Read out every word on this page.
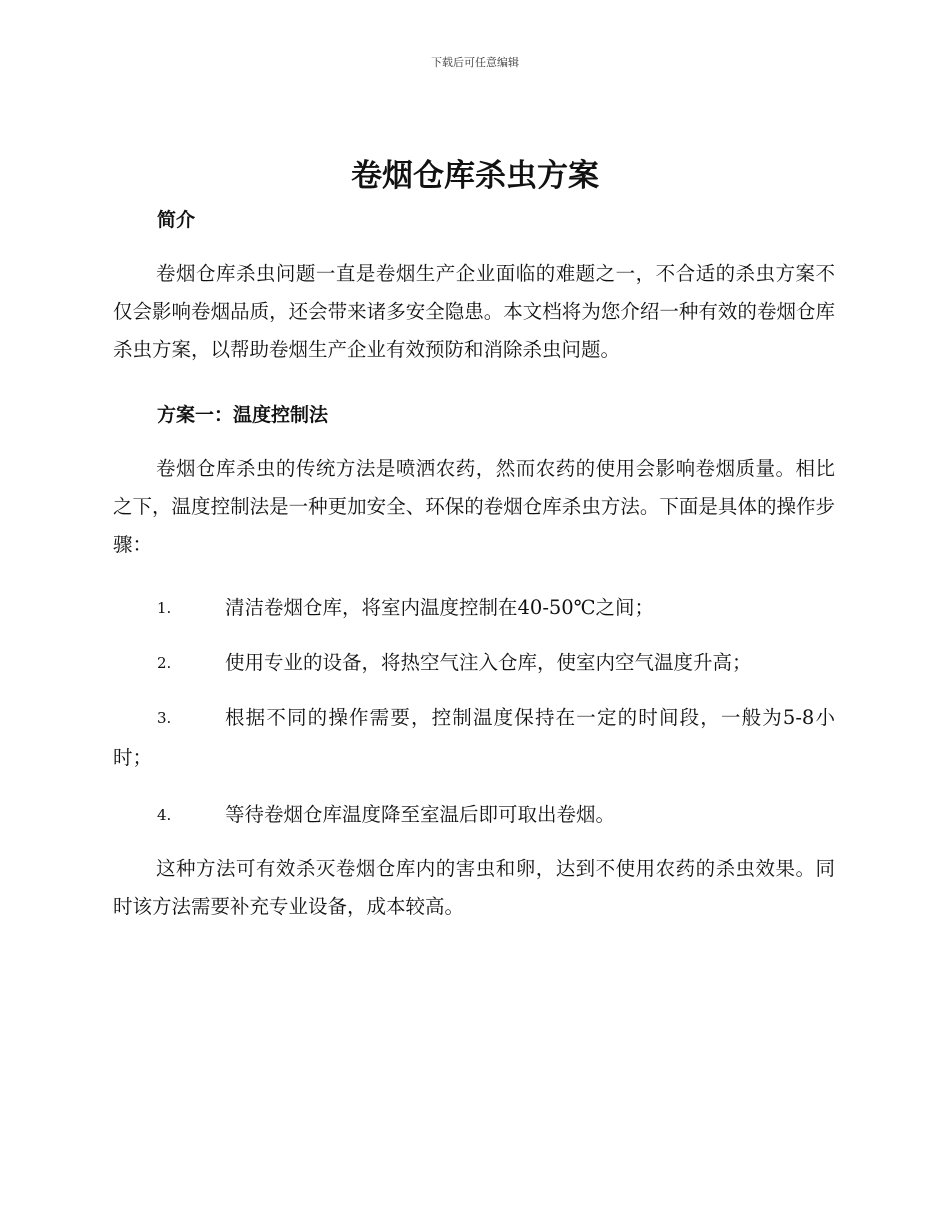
下载后可任意编辑
卷烟仓库杀虫方案
简介
卷烟仓库杀虫问题一直是卷烟生产企业面临的难题之一，不合适的杀虫方案不仅会影响卷烟品质，还会带来诸多安全隐患。本文档将为您介绍一种有效的卷烟仓库杀虫方案，以帮助卷烟生产企业有效预防和消除杀虫问题。
方案一：温度控制法
卷烟仓库杀虫的传统方法是喷洒农药，然而农药的使用会影响卷烟质量。相比之下，温度控制法是一种更加安全、环保的卷烟仓库杀虫方法。下面是具体的操作步骤：
1.	清洁卷烟仓库，将室内温度控制在40-50℃之间；
2.	使用专业的设备，将热空气注入仓库，使室内空气温度升高；
3.	根据不同的操作需要，控制温度保持在一定的时间段，一般为5-8小时；
4.	等待卷烟仓库温度降至室温后即可取出卷烟。
这种方法可有效杀灭卷烟仓库内的害虫和卵，达到不使用农药的杀虫效果。同时该方法需要补充专业设备，成本较高。
